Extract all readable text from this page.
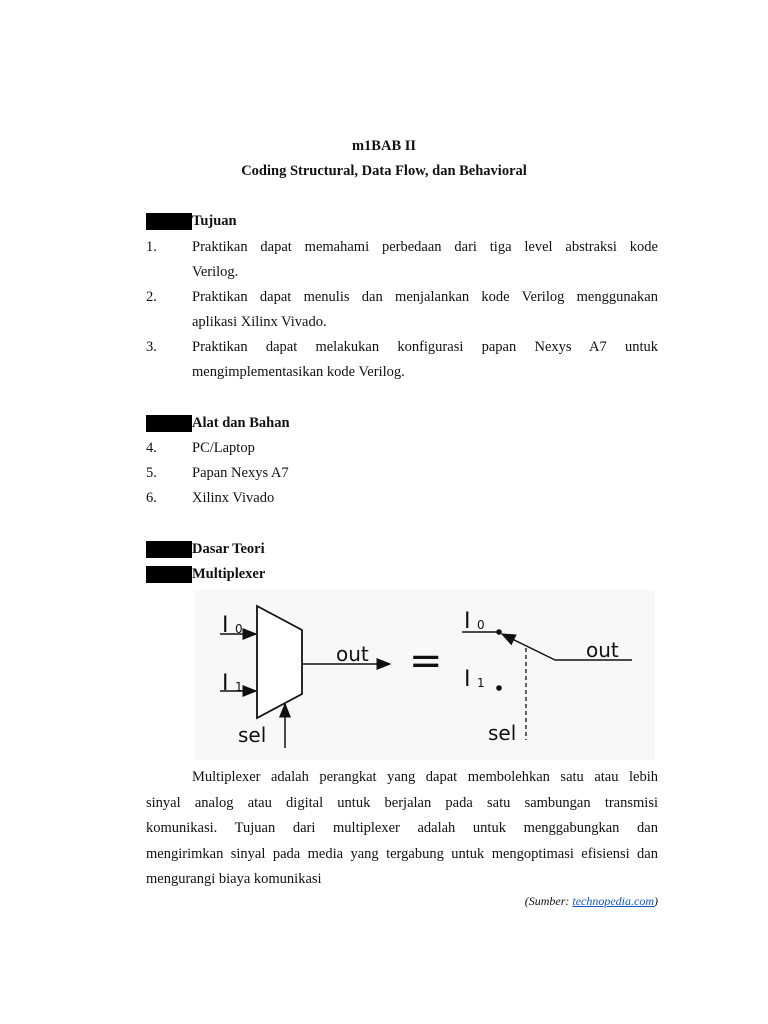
m1BAB II
Coding Structural, Data Flow, dan Behavioral
Tujuan
1. Praktikan dapat memahami perbedaan dari tiga level abstraksi kode
Verilog.
2. Praktikan dapat menulis dan menjalankan kode Verilog menggunakan
aplikasi Xilinx Vivado.
3. Praktikan dapat melakukan konfigurasi papan Nexys A7 untuk
mengimplementasikan kode Verilog.
Alat dan Bahan
4. PC/Laptop
5. Papan Nexys A7
6. Xilinx Vivado
Dasar Teori
Multiplexer
I 0
I 1
out
sel
=
I 0
I 1
out
sel
Multiplexer adalah perangkat yang dapat membolehkan satu atau lebih
sinyal analog atau digital untuk berjalan pada satu sambungan transmisi
komunikasi. Tujuan dari multiplexer adalah untuk menggabungkan dan
mengirimkan sinyal pada media yang tergabung untuk mengoptimasi efisiensi dan
mengurangi biaya komunikasi
(Sumber: technopedia.com)
